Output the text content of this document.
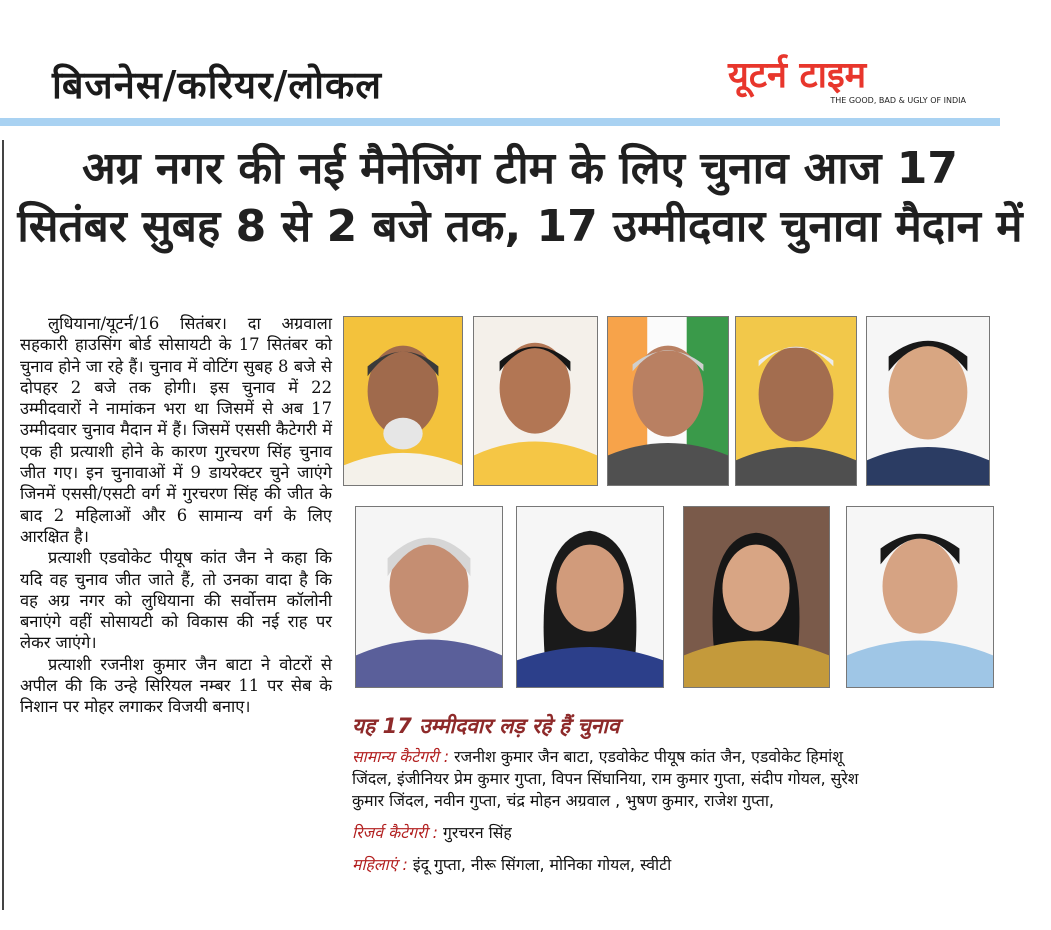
बिजनेस/करियर/लोकल	यूटर्न टाइम
THE GOOD, BAD & UGLY OF INDIA
अग्र नगर की नई मैनेजिंग टीम के लिए चुनाव आज 17
सितंबर सुबह 8 से 2 बजे तक, 17 उम्मीदवार चुनावा मैदान में

लुधियाना/यूटर्न/16 सितंबर। दा अग्रवाला सहकारी हाउसिंग बोर्ड सोसायटी के 17 सितंबर को चुनाव होने जा रहे हैं। चुनाव में वोटिंग सुबह 8 बजे से दोपहर 2 बजे तक होगी। इस चुनाव में 22 उम्मीदवारों ने नामांकन भरा था जिसमें से अब 17 उम्मीदवार चुनाव मैदान में हैं। जिसमें एससी कैटेगरी में एक ही प्रत्याशी होने के कारण गुरचरण सिंह चुनाव जीत गए। इन चुनावाओं में 9 डायरेक्टर चुने जाएंगे जिनमें एससी/एसटी वर्ग में गुरचरण सिंह की जीत के बाद 2 महिलाओं और 6 सामान्य वर्ग के लिए आरक्षित है।

प्रत्याशी एडवोकेट पीयूष कांत जैन ने कहा कि यदि वह चुनाव जीत जाते हैं, तो उनका वादा है कि वह अग्र नगर को लुधियाना की सर्वोत्तम कॉलोनी बनाएंगे वहीं सोसायटी को विकास की नई राह पर लेकर जाएंगे।

प्रत्याशी रजनीश कुमार जैन बाटा ने वोटरों से अपील की कि उन्हे सिरियल नम्बर 11 पर सेब के निशान पर मोहर लगाकर विजयी बनाए।

यह 17 उम्मीदवार लड़ रहे हैं चुनाव

सामान्य कैटेगरी : रजनीश कुमार जैन बाटा, एडवोकेट पीयूष कांत जैन, एडवोकेट हिमांशू

जिंदल, इंजीनियर प्रेम कुमार गुप्ता, विपन सिंघानिया, राम कुमार गुप्ता, संदीप गोयल, सुरेश

कुमार जिंदल, नवीन गुप्ता, चंद्र मोहन अग्रवाल , भुषण कुमार, राजेश गुप्ता,

रिजर्व कैटेगरी : गुरचरन सिंह

महिलाएं : इंदू गुप्ता, नीरू सिंगला, मोनिका गोयल, स्वीटी
